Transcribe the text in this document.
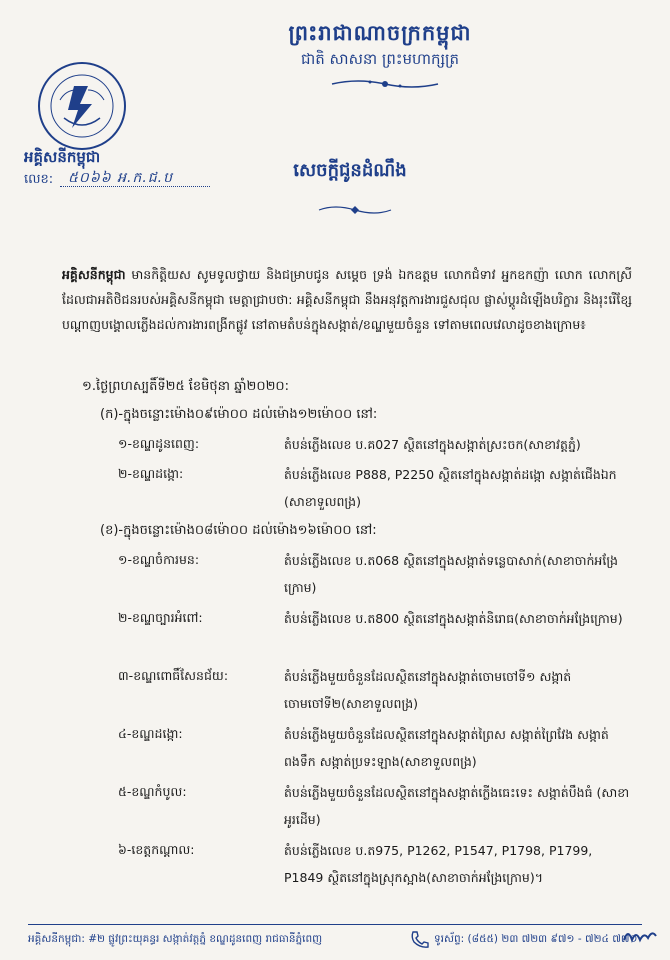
ព្រះរាជាណាចក្រកម្ពុជា
ជាតិ សាសនា ព្រះមហាក្សត្រ
អគ្គិសនីកម្ពុជា
លេខ: ៥០៦៦ អ.ក.ជ.ប	សេចក្តីជូនដំណឹង
អគ្គិសនីកម្ពុជា មានកិត្តិយស សូមទូលថ្វាយ និងជម្រាបជូន សម្តេច ទ្រង់ ឯកឧត្តម លោកជំទាវ អ្នកឧកញ៉ា លោក លោកស្រី ដែលជាអតិថិជនរបស់អគ្គិសនីកម្ពុជា មេត្តាជ្រាបថា: អគ្គិសនីកម្ពុជា នឹងអនុវត្តការងារជួសជុល ផ្លាស់ប្តូរដំឡើងបរិក្ខារ និងរុះរើខ្សែបណ្តាញបង្គោលភ្លើងដល់ការងារពង្រីកផ្លូវ នៅតាមតំបន់ក្នុងសង្កាត់/ខណ្ឌមួយចំនួន ទៅតាមពេលវេលាដូចខាងក្រោម៖
១.ថ្ងៃព្រហស្បតិ៍ទី២៥ ខែមិថុនា ឆ្នាំ២០២០:
(ក)-ក្នុងចន្លោះម៉ោង០៩ម៉ោ០០ ដល់ម៉ោង១២ម៉ោ០០ នៅ:
១-ខណ្ឌដូនពេញ:	តំបន់ភ្លើងលេខ ប.គ027 ស្ថិតនៅក្នុងសង្កាត់ស្រះចក(សាខាវត្តភ្នំ)
២-ខណ្ឌដង្កោ:	តំបន់ភ្លើងលេខ P888, P2250 ស្ថិតនៅក្នុងសង្កាត់ដង្កោ សង្កាត់ជើងឯក (សាខាទួលពង្រ)
(ខ)-ក្នុងចន្លោះម៉ោង០៨ម៉ោ០០ ដល់ម៉ោង១៦ម៉ោ០០ នៅ:
១-ខណ្ឌចំការមន:	តំបន់ភ្លើងលេខ ប.ត068 ស្ថិតនៅក្នុងសង្កាត់ទន្លេបាសាក់(សាខាចាក់អង្រែក្រោម)
២-ខណ្ឌច្បារអំពៅ:	តំបន់ភ្លើងលេខ ប.ត800 ស្ថិតនៅក្នុងសង្កាត់និរោធ(សាខាចាក់អង្រែក្រោម)
៣-ខណ្ឌពោធិ៍សែនជ័យ:	តំបន់ភ្លើងមួយចំនួនដែលស្ថិតនៅក្នុងសង្កាត់ចោមចៅទី១ សង្កាត់ចោមចៅទី២(សាខាទួលពង្រ)
៤-ខណ្ឌដង្កោ:	តំបន់ភ្លើងមួយចំនួនដែលស្ថិតនៅក្នុងសង្កាត់ព្រៃស សង្កាត់ព្រៃវែង សង្កាត់ពងទឹក សង្កាត់ប្រទះឡាង(សាខាទួលពង្រ)
៥-ខណ្ឌកំបូល:	តំបន់ភ្លើងមួយចំនួនដែលស្ថិតនៅក្នុងសង្កាត់ក្លើងធេះទេះ សង្កាត់បឹងធំ (សាខាអូរដើម)
៦-ខេត្តកណ្តាល:	តំបន់ភ្លើងលេខ ប.ត975, P1262, P1547, P1798, P1799, P1849 ស្ថិតនៅក្នុងស្រុកស្អាង(សាខាចាក់អង្រែក្រោម)។
អគ្គិសនីកម្ពុជា: #២ ផ្លូវព្រះយុគន្ធរ សង្កាត់វត្តភ្នំ ខណ្ឌដូនពេញ រាជធានីភ្នំពេញ	ទូរស័ព្ទ: (៨៥៥) ២៣ ៧២៣ ៩៧១ - ៧២៤ ៧៧១
